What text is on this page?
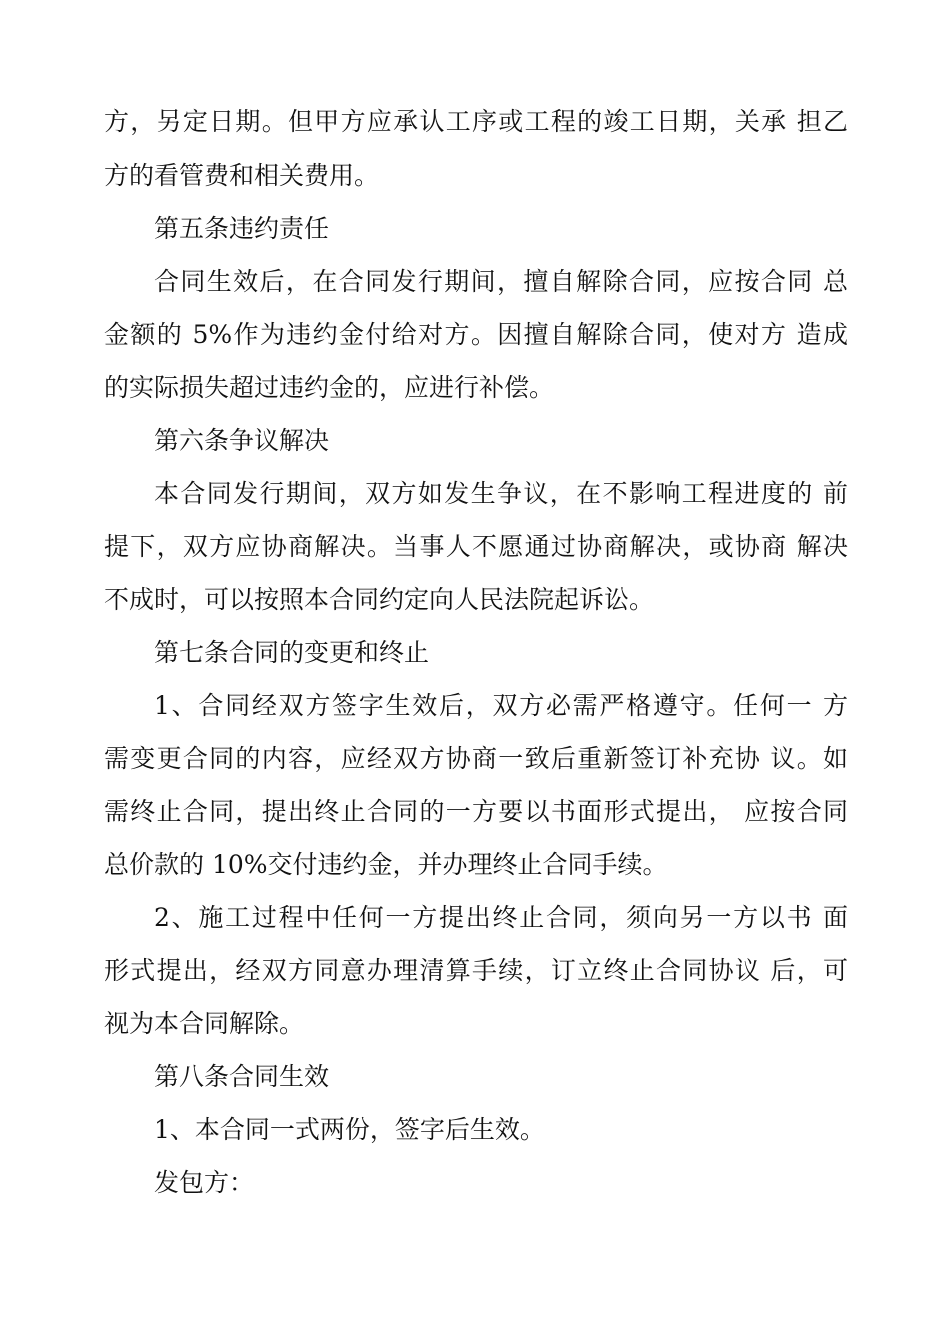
方，另定日期。但甲方应承认工序或工程的竣工日期，关承 担乙
方的看管费和相关费用。
第五条违约责任
合同生效后，在合同发行期间，擅自解除合同，应按合同 总
金额的 5%作为违约金付给对方。因擅自解除合同，使对方 造成
的实际损失超过违约金的，应进行补偿。
第六条争议解决
本合同发行期间，双方如发生争议，在不影响工程进度的 前
提下，双方应协商解决。当事人不愿通过协商解决，或协商 解决
不成时，可以按照本合同约定向人民法院起诉讼。
第七条合同的变更和终止
1、合同经双方签字生效后，双方必需严格遵守。任何一 方
需变更合同的内容，应经双方协商一致后重新签订补充协 议。如
需终止合同，提出终止合同的一方要以书面形式提出， 应按合同
总价款的 10%交付违约金，并办理终止合同手续。
2、施工过程中任何一方提出终止合同，须向另一方以书 面
形式提出，经双方同意办理清算手续，订立终止合同协议 后，可
视为本合同解除。
第八条合同生效
1、本合同一式两份，签字后生效。
发包方：
